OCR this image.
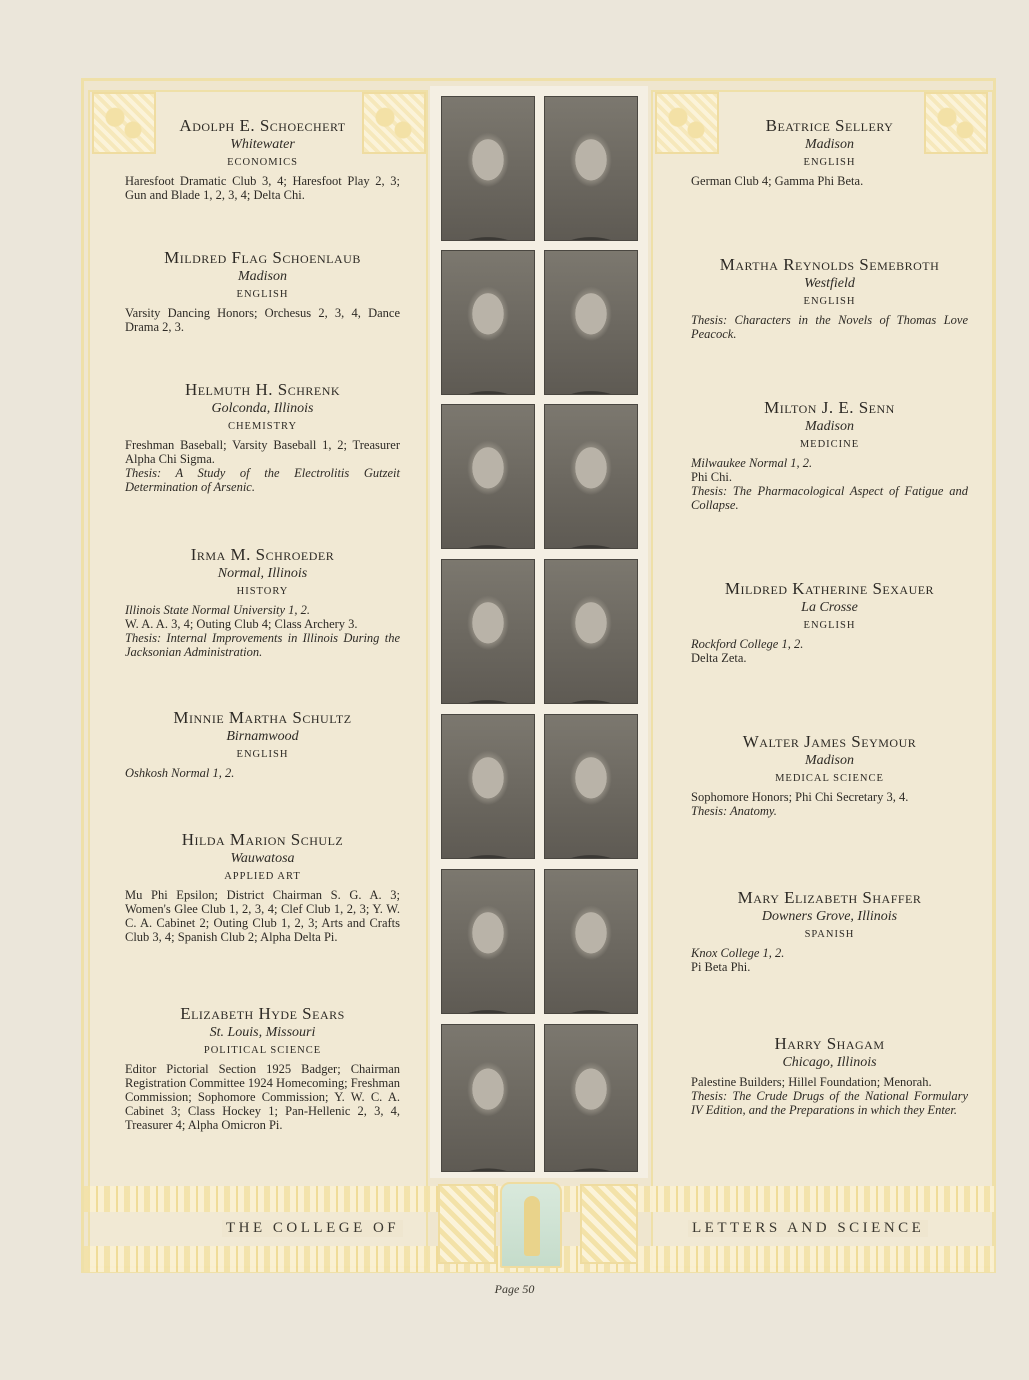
Adolph E. Schoechert
Whitewater
ECONOMICS
Haresfoot Dramatic Club 3, 4; Haresfoot Play 2, 3; Gun and Blade 1, 2, 3, 4; Delta Chi.
Mildred Flag Schoenlaub
Madison
ENGLISH
Varsity Dancing Honors; Orchesus 2, 3, 4, Dance Drama 2, 3.
Helmuth H. Schrenk
Golconda, Illinois
CHEMISTRY
Freshman Baseball; Varsity Baseball 1, 2; Treasurer Alpha Chi Sigma.
Thesis: A Study of the Electrolitis Gutzeit Determination of Arsenic.
Irma M. Schroeder
Normal, Illinois
HISTORY
Illinois State Normal University 1, 2.
W. A. A. 3, 4; Outing Club 4; Class Archery 3.
Thesis: Internal Improvements in Illinois During the Jacksonian Administration.
Minnie Martha Schultz
Birnamwood
ENGLISH
Oshkosh Normal 1, 2.
Hilda Marion Schulz
Wauwatosa
APPLIED ART
Mu Phi Epsilon; District Chairman S. G. A. 3; Women's Glee Club 1, 2, 3, 4; Clef Club 1, 2, 3; Y. W. C. A. Cabinet 2; Outing Club 1, 2, 3; Arts and Crafts Club 3, 4; Spanish Club 2; Alpha Delta Pi.
Elizabeth Hyde Sears
St. Louis, Missouri
POLITICAL SCIENCE
Editor Pictorial Section 1925 Badger; Chairman Registration Committee 1924 Homecoming; Freshman Commission; Sophomore Commission; Y. W. C. A. Cabinet 3; Class Hockey 1; Pan-Hellenic 2, 3, 4, Treasurer 4; Alpha Omicron Pi.
Beatrice Sellery
Madison
ENGLISH
German Club 4; Gamma Phi Beta.
Martha Reynolds Semebroth
Westfield
ENGLISH
Thesis: Characters in the Novels of Thomas Love Peacock.
Milton J. E. Senn
Madison
MEDICINE
Milwaukee Normal 1, 2.
Phi Chi.
Thesis: The Pharmacological Aspect of Fatigue and Collapse.
Mildred Katherine Sexauer
La Crosse
ENGLISH
Rockford College 1, 2.
Delta Zeta.
Walter James Seymour
Madison
MEDICAL SCIENCE
Sophomore Honors; Phi Chi Secretary 3, 4.
Thesis: Anatomy.
Mary Elizabeth Shaffer
Downers Grove, Illinois
SPANISH
Knox College 1, 2.
Pi Beta Phi.
Harry Shagam
Chicago, Illinois
Palestine Builders; Hillel Foundation; Menorah.
Thesis: The Crude Drugs of the National Formulary IV Edition, and the Preparations in which they Enter.
THE COLLEGE OF	LETTERS AND SCIENCE
Page 50
